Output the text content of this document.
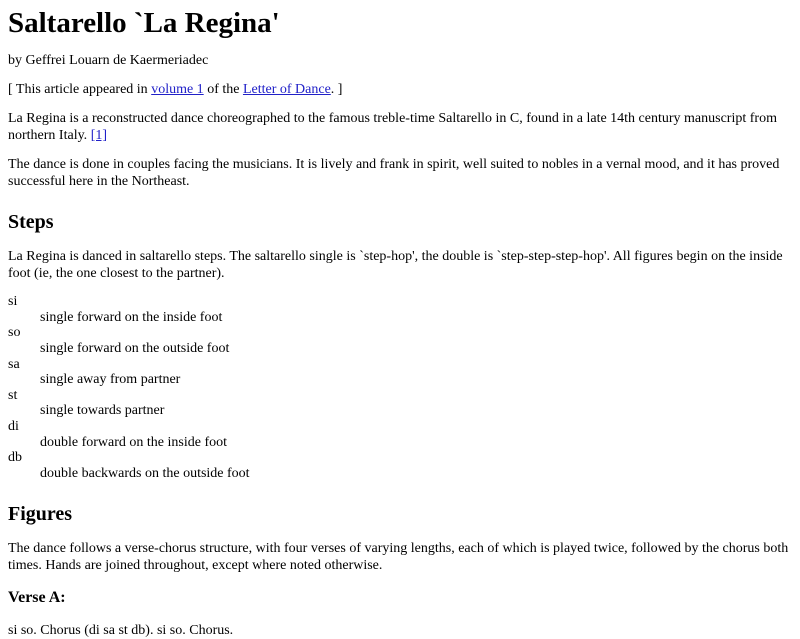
Saltarello `La Regina'

by Geffrei Louarn de Kaermeriadec

[ This article appeared in volume 1 of the Letter of Dance. ]

La Regina is a reconstructed dance choreographed to the famous treble-time Saltarello in C, found in a late 14th century manuscript from northern Italy. [1]

The dance is done in couples facing the musicians. It is lively and frank in spirit, well suited to nobles in a vernal mood, and it has proved successful here in the Northeast.

Steps

La Regina is danced in saltarello steps. The saltarello single is `step-hop', the double is `step-step-step-hop'. All figures begin on the inside foot (ie, the one closest to the partner).

si
single forward on the inside foot
so
single forward on the outside foot
sa
single away from partner
st
single towards partner
di
double forward on the inside foot
db
double backwards on the outside foot
Figures

The dance follows a verse-chorus structure, with four verses of varying lengths, each of which is played twice, followed by the chorus both times. Hands are joined throughout, except where noted otherwise.

Verse A:

si so. Chorus (di sa st db). si so. Chorus.
